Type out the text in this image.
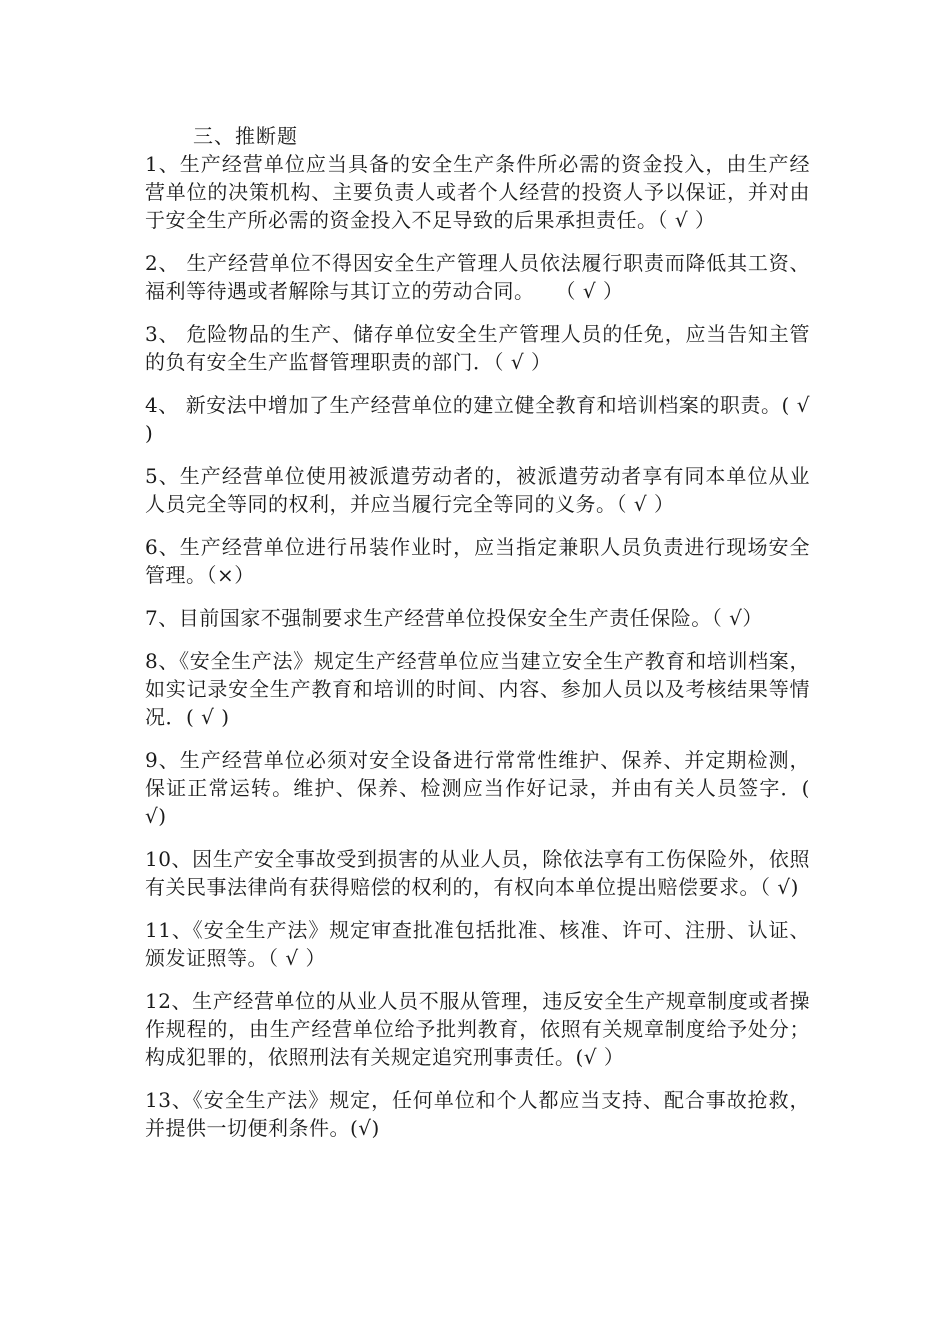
三、推断题

1、生产经营单位应当具备的安全生产条件所必需的资金投入，由生产经营单位的决策机构、主要负责人或者个人经营的投资人予以保证，并对由于安全生产所必需的资金投入不足导致的后果承担责任。（ √ ）

2、 生产经营单位不得因安全生产管理人员依法履行职责而降低其工资、福利等待遇或者解除与其订立的劳动合同。　　（ √ ）

3、 危险物品的生产、储存单位安全生产管理人员的任免，应当告知主管的负有安全生产监督管理职责的部门．（ √ ）

4、 新安法中增加了生产经营单位的建立健全教育和培训档案的职责。( √ )

5、生产经营单位使用被派遣劳动者的，被派遣劳动者享有同本单位从业人员完全等同的权利，并应当履行完全等同的义务。（ √ ）

6、生产经营单位进行吊装作业时，应当指定兼职人员负责进行现场安全管理。（×）

7、目前国家不强制要求生产经营单位投保安全生产责任保险。（ √）

8、《安全生产法》规定生产经营单位应当建立安全生产教育和培训档案，如实记录安全生产教育和培训的时间、内容、参加人员以及考核结果等情况．( √ )

9、生产经营单位必须对安全设备进行常常性维护、保养、并定期检测，保证正常运转。维护、保养、检测应当作好记录，并由有关人员签字．( √)

10、因生产安全事故受到损害的从业人员，除依法享有工伤保险外，依照有关民事法律尚有获得赔偿的权利的，有权向本单位提出赔偿要求。（ √)

11、《安全生产法》规定审查批准包括批准、核准、许可、注册、认证、颁发证照等。（ √ ）

12、生产经营单位的从业人员不服从管理，违反安全生产规章制度或者操作规程的，由生产经营单位给予批判教育，依照有关规章制度给予处分；构成犯罪的，依照刑法有关规定追究刑事责任。(√ ）

13、《安全生产法》规定，任何单位和个人都应当支持、配合事故抢救，并提供一切便利条件。(√)
